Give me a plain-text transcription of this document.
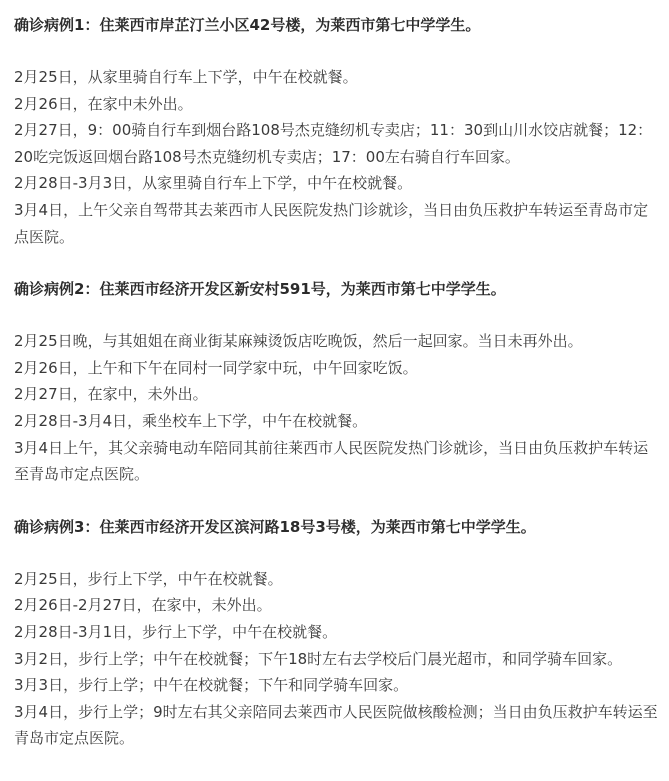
确诊病例1：住莱西市岸芷汀兰小区42号楼，为莱西市第七中学学生。

2月25日，从家里骑自行车上下学，中午在校就餐。

2月26日，在家中未外出。

2月27日，9：00骑自行车到烟台路108号杰克缝纫机专卖店；11：30到山川水饺店就餐；12：20吃完饭返回烟台路108号杰克缝纫机专卖店；17：00左右骑自行车回家。

2月28日-3月3日，从家里骑自行车上下学，中午在校就餐。

3月4日，上午父亲自驾带其去莱西市人民医院发热门诊就诊，当日由负压救护车转运至青岛市定点医院。

确诊病例2：住莱西市经济开发区新安村591号，为莱西市第七中学学生。

2月25日晚，与其姐姐在商业街某麻辣烫饭店吃晚饭，然后一起回家。当日未再外出。

2月26日，上午和下午在同村一同学家中玩，中午回家吃饭。

2月27日，在家中，未外出。

2月28日-3月4日，乘坐校车上下学，中午在校就餐。

3月4日上午，其父亲骑电动车陪同其前往莱西市人民医院发热门诊就诊，当日由负压救护车转运至青岛市定点医院。

确诊病例3：住莱西市经济开发区滨河路18号3号楼，为莱西市第七中学学生。

2月25日，步行上下学，中午在校就餐。

2月26日-2月27日，在家中，未外出。

2月28日-3月1日，步行上下学，中午在校就餐。

3月2日，步行上学；中午在校就餐；下午18时左右去学校后门晨光超市，和同学骑车回家。

3月3日，步行上学；中午在校就餐；下午和同学骑车回家。

3月4日，步行上学；9时左右其父亲陪同去莱西市人民医院做核酸检测；当日由负压救护车转运至青岛市定点医院。
